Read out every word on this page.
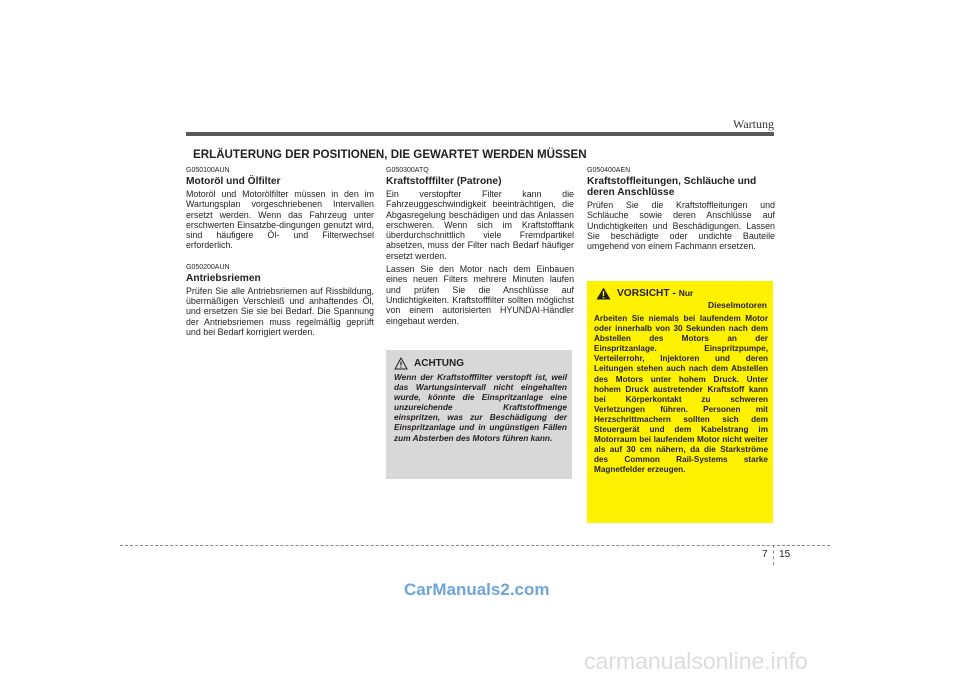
Wartung
ERLÄUTERUNG DER POSITIONEN, DIE GEWARTET WERDEN MÜSSEN

G050100AUN

Motoröl und Ölfilter

Motoröl und Motorölfilter müssen in den im Wartungsplan vorgeschriebenen Intervallen ersetzt werden. Wenn das Fahrzeug unter erschwerten Einsatzbe-dingungen genutzt wird, sind häufigere Öl- und Filterwechsel erforderlich.

G050200AUN

Antriebsriemen

Prüfen Sie alle Antriebsriemen auf Rissbildung, übermäßigen Verschleiß und anhaftendes Öl, und ersetzen Sie sie bei Bedarf. Die Spannung der Antriebsriemen muss regelmäßig geprüft und bei Bedarf korrigiert werden.

G050300ATQ

Kraftstofffilter (Patrone)

Ein verstopfter Filter kann die Fahrzeuggeschwindigkeit beeinträchtigen, die Abgasregelung beschädigen und das Anlassen erschweren. Wenn sich im Kraftstofftank überdurchschnittlich viele Fremdpartikel absetzen, muss der Filter nach Bedarf häufiger ersetzt werden.

Lassen Sie den Motor nach dem Einbauen eines neuen Filters mehrere Minuten laufen und prüfen Sie die Anschlüsse auf Undichtigkeiten. Kraftstofffilter sollten möglichst von einem autorisierten HYUNDAI-Händler eingebaut werden.

ACHTUNG

Wenn der Kraftstofffilter verstopft ist, weil das Wartungsintervall nicht eingehalten wurde, könnte die Einspritzanlage eine unzureichende Kraftstoffmenge einspritzen, was zur Beschädigung der Einspritzanlage und in ungünstigen Fällen zum Absterben des Motors führen kann.

G050400AEN

Kraftstoffleitungen, Schläuche und deren Anschlüsse

Prüfen Sie die Kraftstoffleitungen und Schläuche sowie deren Anschlüsse auf Undichtigkeiten und Beschädigungen. Lassen Sie beschädigte oder undichte Bauteile umgehend von einem Fachmann ersetzen.

VORSICHT - Nur
Dieselmotoren

Arbeiten Sie niemals bei laufendem Motor oder innerhalb von 30 Sekunden nach dem Abstellen des Motors an der Einspritzanlage. Einspritzpumpe, Verteilerrohr, Injektoren und deren Leitungen stehen auch nach dem Abstellen des Motors unter hohem Druck. Unter hohem Druck austretender Kraftstoff kann bei Körperkontakt zu schweren Verletzungen führen. Personen mit Herzschrittmachern sollten sich dem Steuergerät und dem Kabelstrang im Motorraum bei laufendem Motor nicht weiter als auf 30 cm nähern, da die Starkströme des Common Rail-Systems starke Magnetfelder erzeugen.

7 15
CarManuals2.com
carmanualsonline.info
